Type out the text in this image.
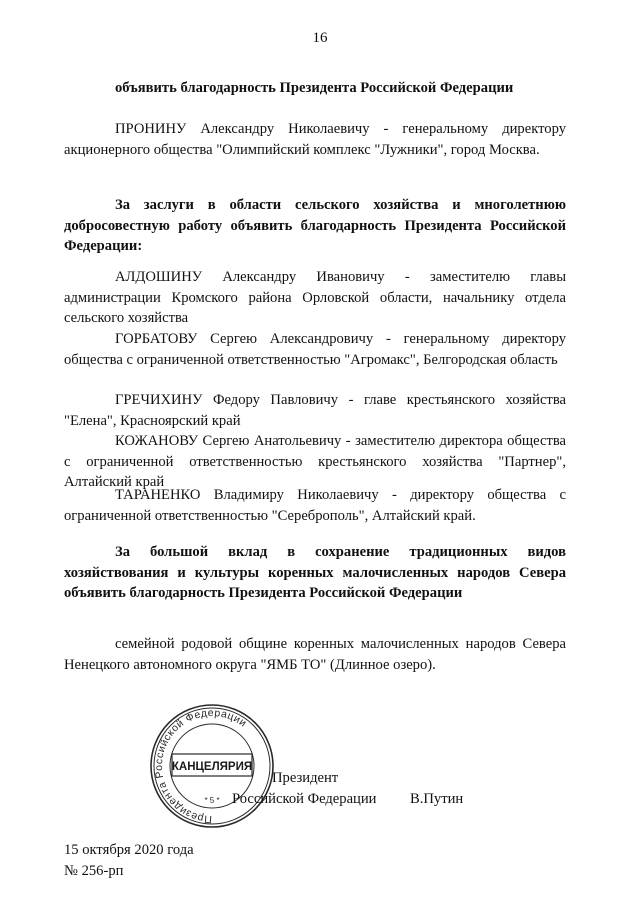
16

объявить благодарность Президента Российской Федерации

ПРОНИНУ Александру Николаевичу - генеральному директору акционерного общества "Олимпийский комплекс "Лужники", город Москва.

За заслуги в области сельского хозяйства и многолетнюю добросовестную работу объявить благодарность Президента Российской Федерации:

АЛДОШИНУ Александру Ивановичу - заместителю главы администрации Кромского района Орловской области, начальнику отдела сельского хозяйства

ГОРБАТОВУ Сергею Александровичу - генеральному директору общества с ограниченной ответственностью "Агромакс", Белгородская область

ГРЕЧИХИНУ Федору Павловичу - главе крестьянского хозяйства "Елена", Красноярский край

КОЖАНОВУ Сергею Анатольевичу - заместителю директора общества с ограниченной ответственностью крестьянского хозяйства "Партнер", Алтайский край

ТАРАНЕНКО Владимиру Николаевичу - директору общества с ограниченной ответственностью "Сереброполь", Алтайский край.

За большой вклад в сохранение традиционных видов хозяйствования и культуры коренных малочисленных народов Севера объявить благодарность Президента Российской Федерации

семейной родовой общине коренных малочисленных народов Севера Ненецкого автономного округа "ЯМБ ТО" (Длинное озеро).

Президента Российской Федерации
КАНЦЕЛЯРИЯ
* 5 *
Президент
Российской Федерации В.Путин
15 октября 2020 года
№ 256-рп
